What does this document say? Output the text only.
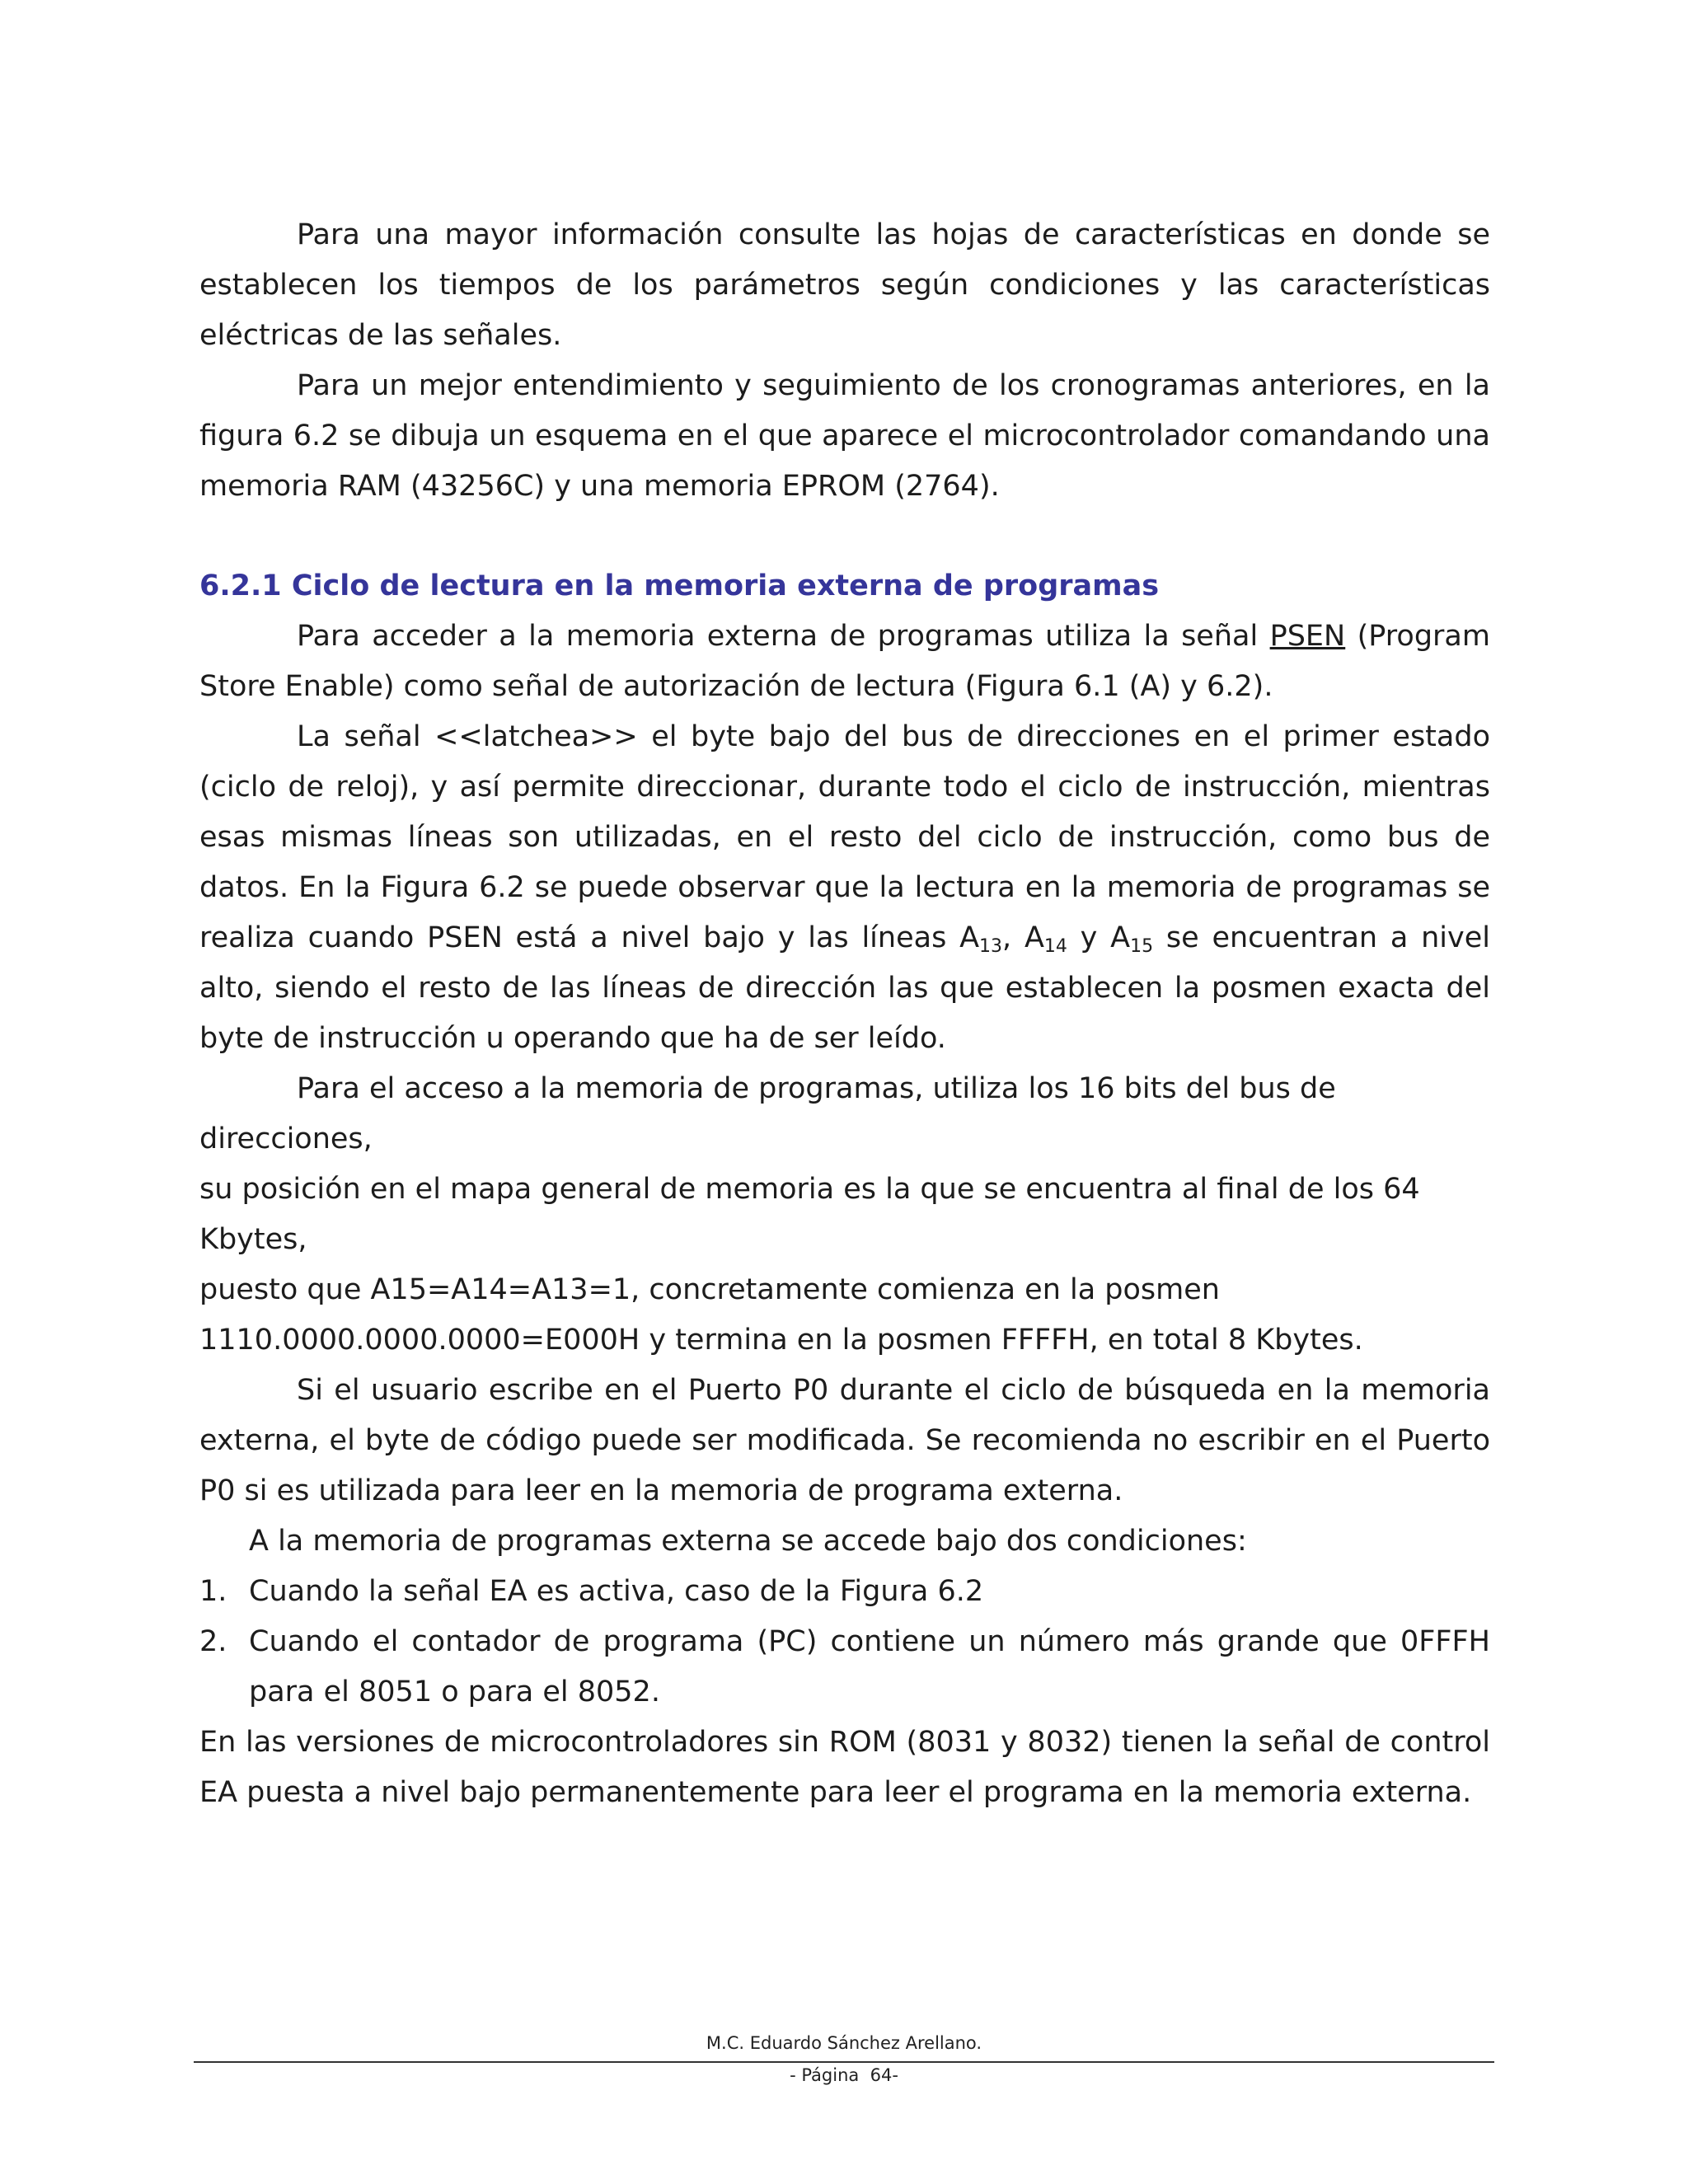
Para una mayor información consulte las hojas de características en donde se establecen los tiempos de los parámetros según condiciones y las características eléctricas de las señales.

Para un mejor entendimiento y seguimiento de los cronogramas anteriores, en la figura 6.2 se dibuja un esquema en el que aparece el microcontrolador comandando una memoria RAM (43256C) y una memoria EPROM (2764).

6.2.1 Ciclo de lectura en la memoria externa de programas

Para acceder a la memoria externa de programas utiliza la señal PSEN (Program Store Enable) como señal de autorización de lectura (Figura 6.1 (A) y 6.2).

La señal <<latchea>> el byte bajo del bus de direcciones en el primer estado (ciclo de reloj), y así permite direccionar, durante todo el ciclo de instrucción, mientras esas mismas líneas son utilizadas, en el resto del ciclo de instrucción, como bus de datos. En la Figura 6.2 se puede observar que la lectura en la memoria de programas se realiza cuando PSEN está a nivel bajo y las líneas $A_{13}$, $A_{14}$ y $A_{15}$ se encuentran a nivel alto, siendo el resto de las líneas de dirección las que establecen la posmen exacta del byte de instrucción u operando que ha de ser leído.

Para el acceso a la memoria de programas, utiliza los 16 bits del bus de direcciones,

su posición en el mapa general de memoria es la que se encuentra al final de los 64 Kbytes,

puesto que A15=A14=A13=1, concretamente comienza en la posmen

1110.0000.0000.0000=E000H y termina en la posmen FFFFH, en total 8 Kbytes.

Si el usuario escribe en el Puerto P0 durante el ciclo de búsqueda en la memoria externa, el byte de código puede ser modificada. Se recomienda no escribir en el Puerto P0 si es utilizada para leer en la memoria de programa externa.

A la memoria de programas externa se accede bajo dos condiciones:

1. Cuando la señal EA es activa, caso de la Figura 6.2
2. Cuando el contador de programa (PC) contiene un número más grande que 0FFFH para el 8051 o para el 8052.

En las versiones de microcontroladores sin ROM (8031 y 8032) tienen la señal de control EA puesta a nivel bajo permanentemente para leer el programa en la memoria externa.

M.C. Eduardo Sánchez Arellano.
- Página  64-
